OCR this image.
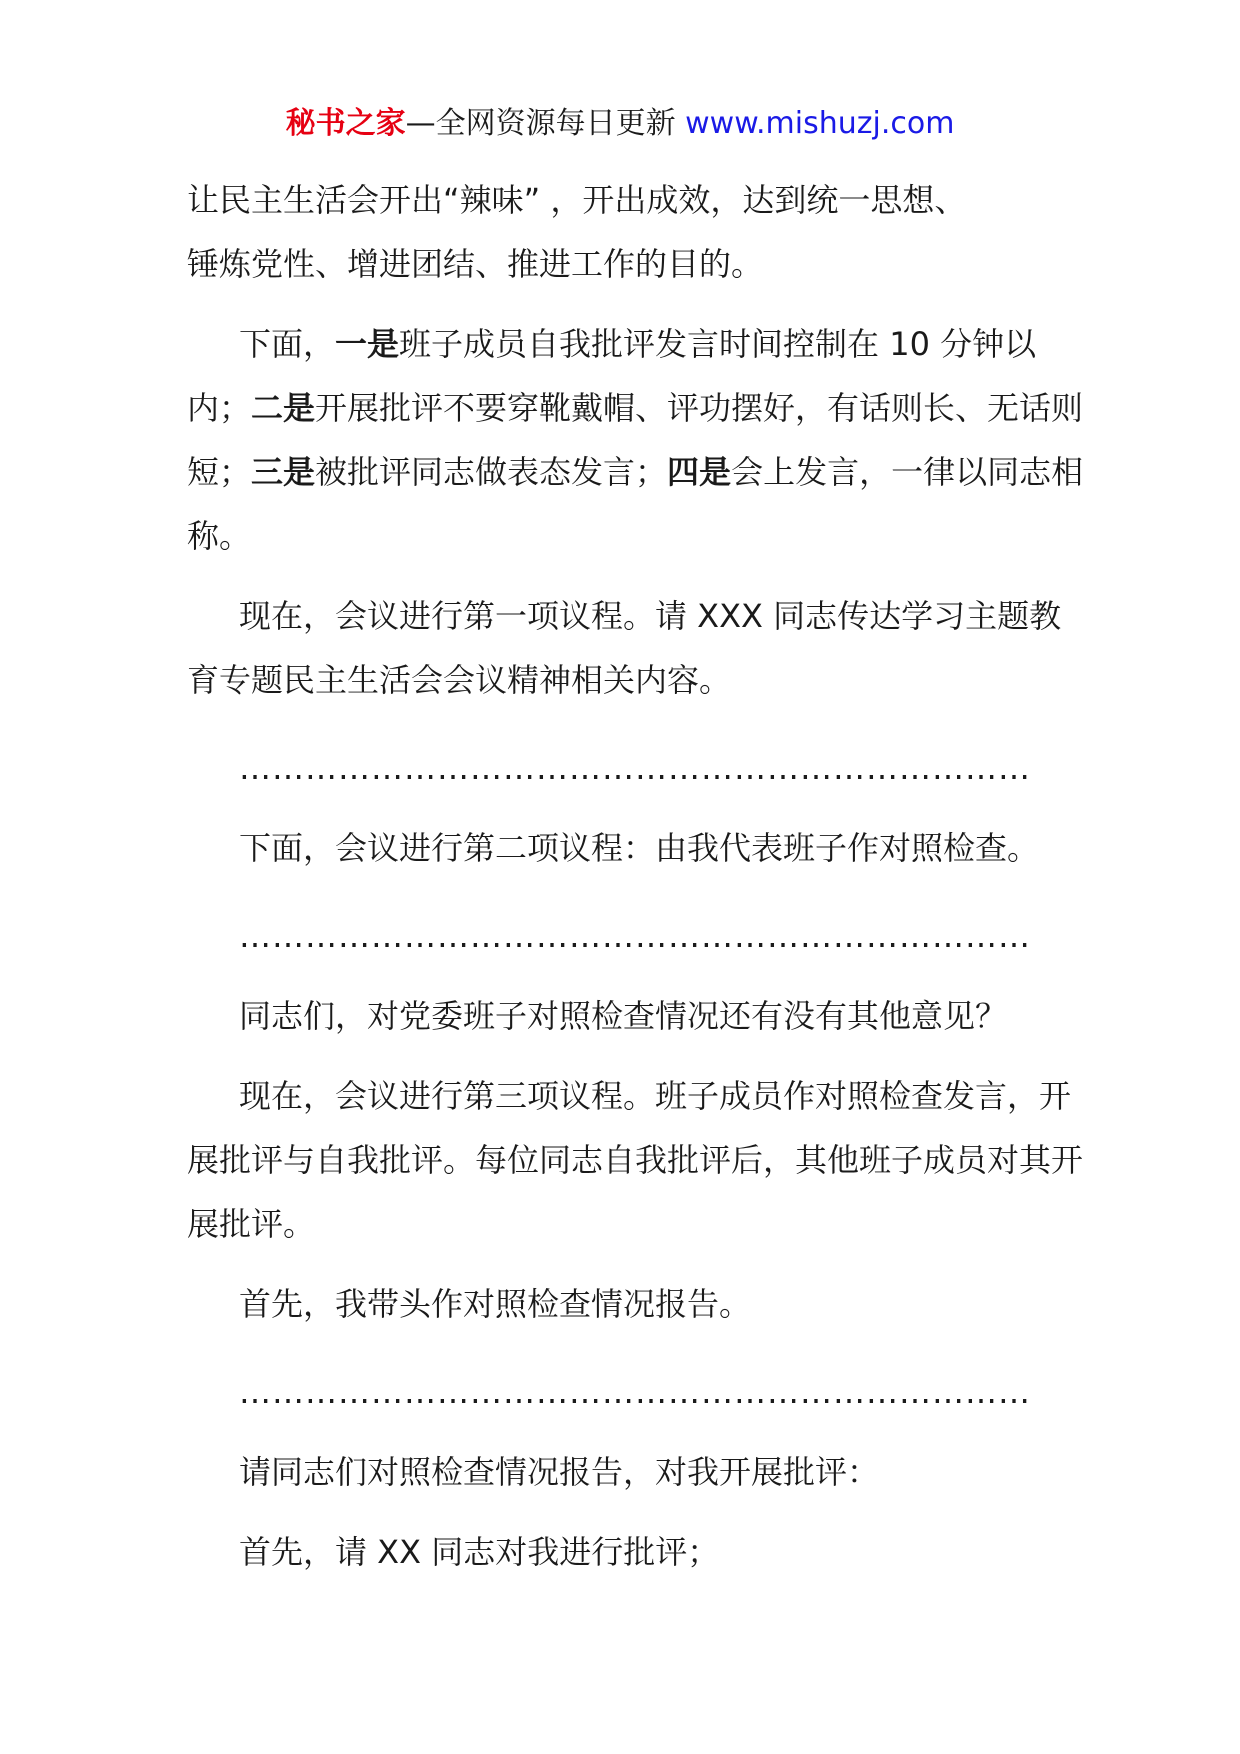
秘书之家—全网资源每日更新 www.mishuzj.com

让民主生活会开出“辣味” ，开出成效，达到统一思想、
锤炼党性、增进团结、推进工作的目的。

下面，一是班子成员自我批评发言时间控制在 10 分钟以内；二是开展批评不要穿靴戴帽、评功摆好，有话则长、无话则短；三是被批评同志做表态发言；四是会上发言，一律以同志相称。

现在，会议进行第一项议程。请 XXX 同志传达学习主题教育专题民主生活会会议精神相关内容。

………………………………………………………………

下面，会议进行第二项议程：由我代表班子作对照检查。

………………………………………………………………

同志们，对党委班子对照检查情况还有没有其他意见？

现在，会议进行第三项议程。班子成员作对照检查发言，开展批评与自我批评。每位同志自我批评后，其他班子成员对其开展批评。

首先，我带头作对照检查情况报告。

………………………………………………………………

请同志们对照检查情况报告，对我开展批评：

首先，请 XX 同志对我进行批评；
